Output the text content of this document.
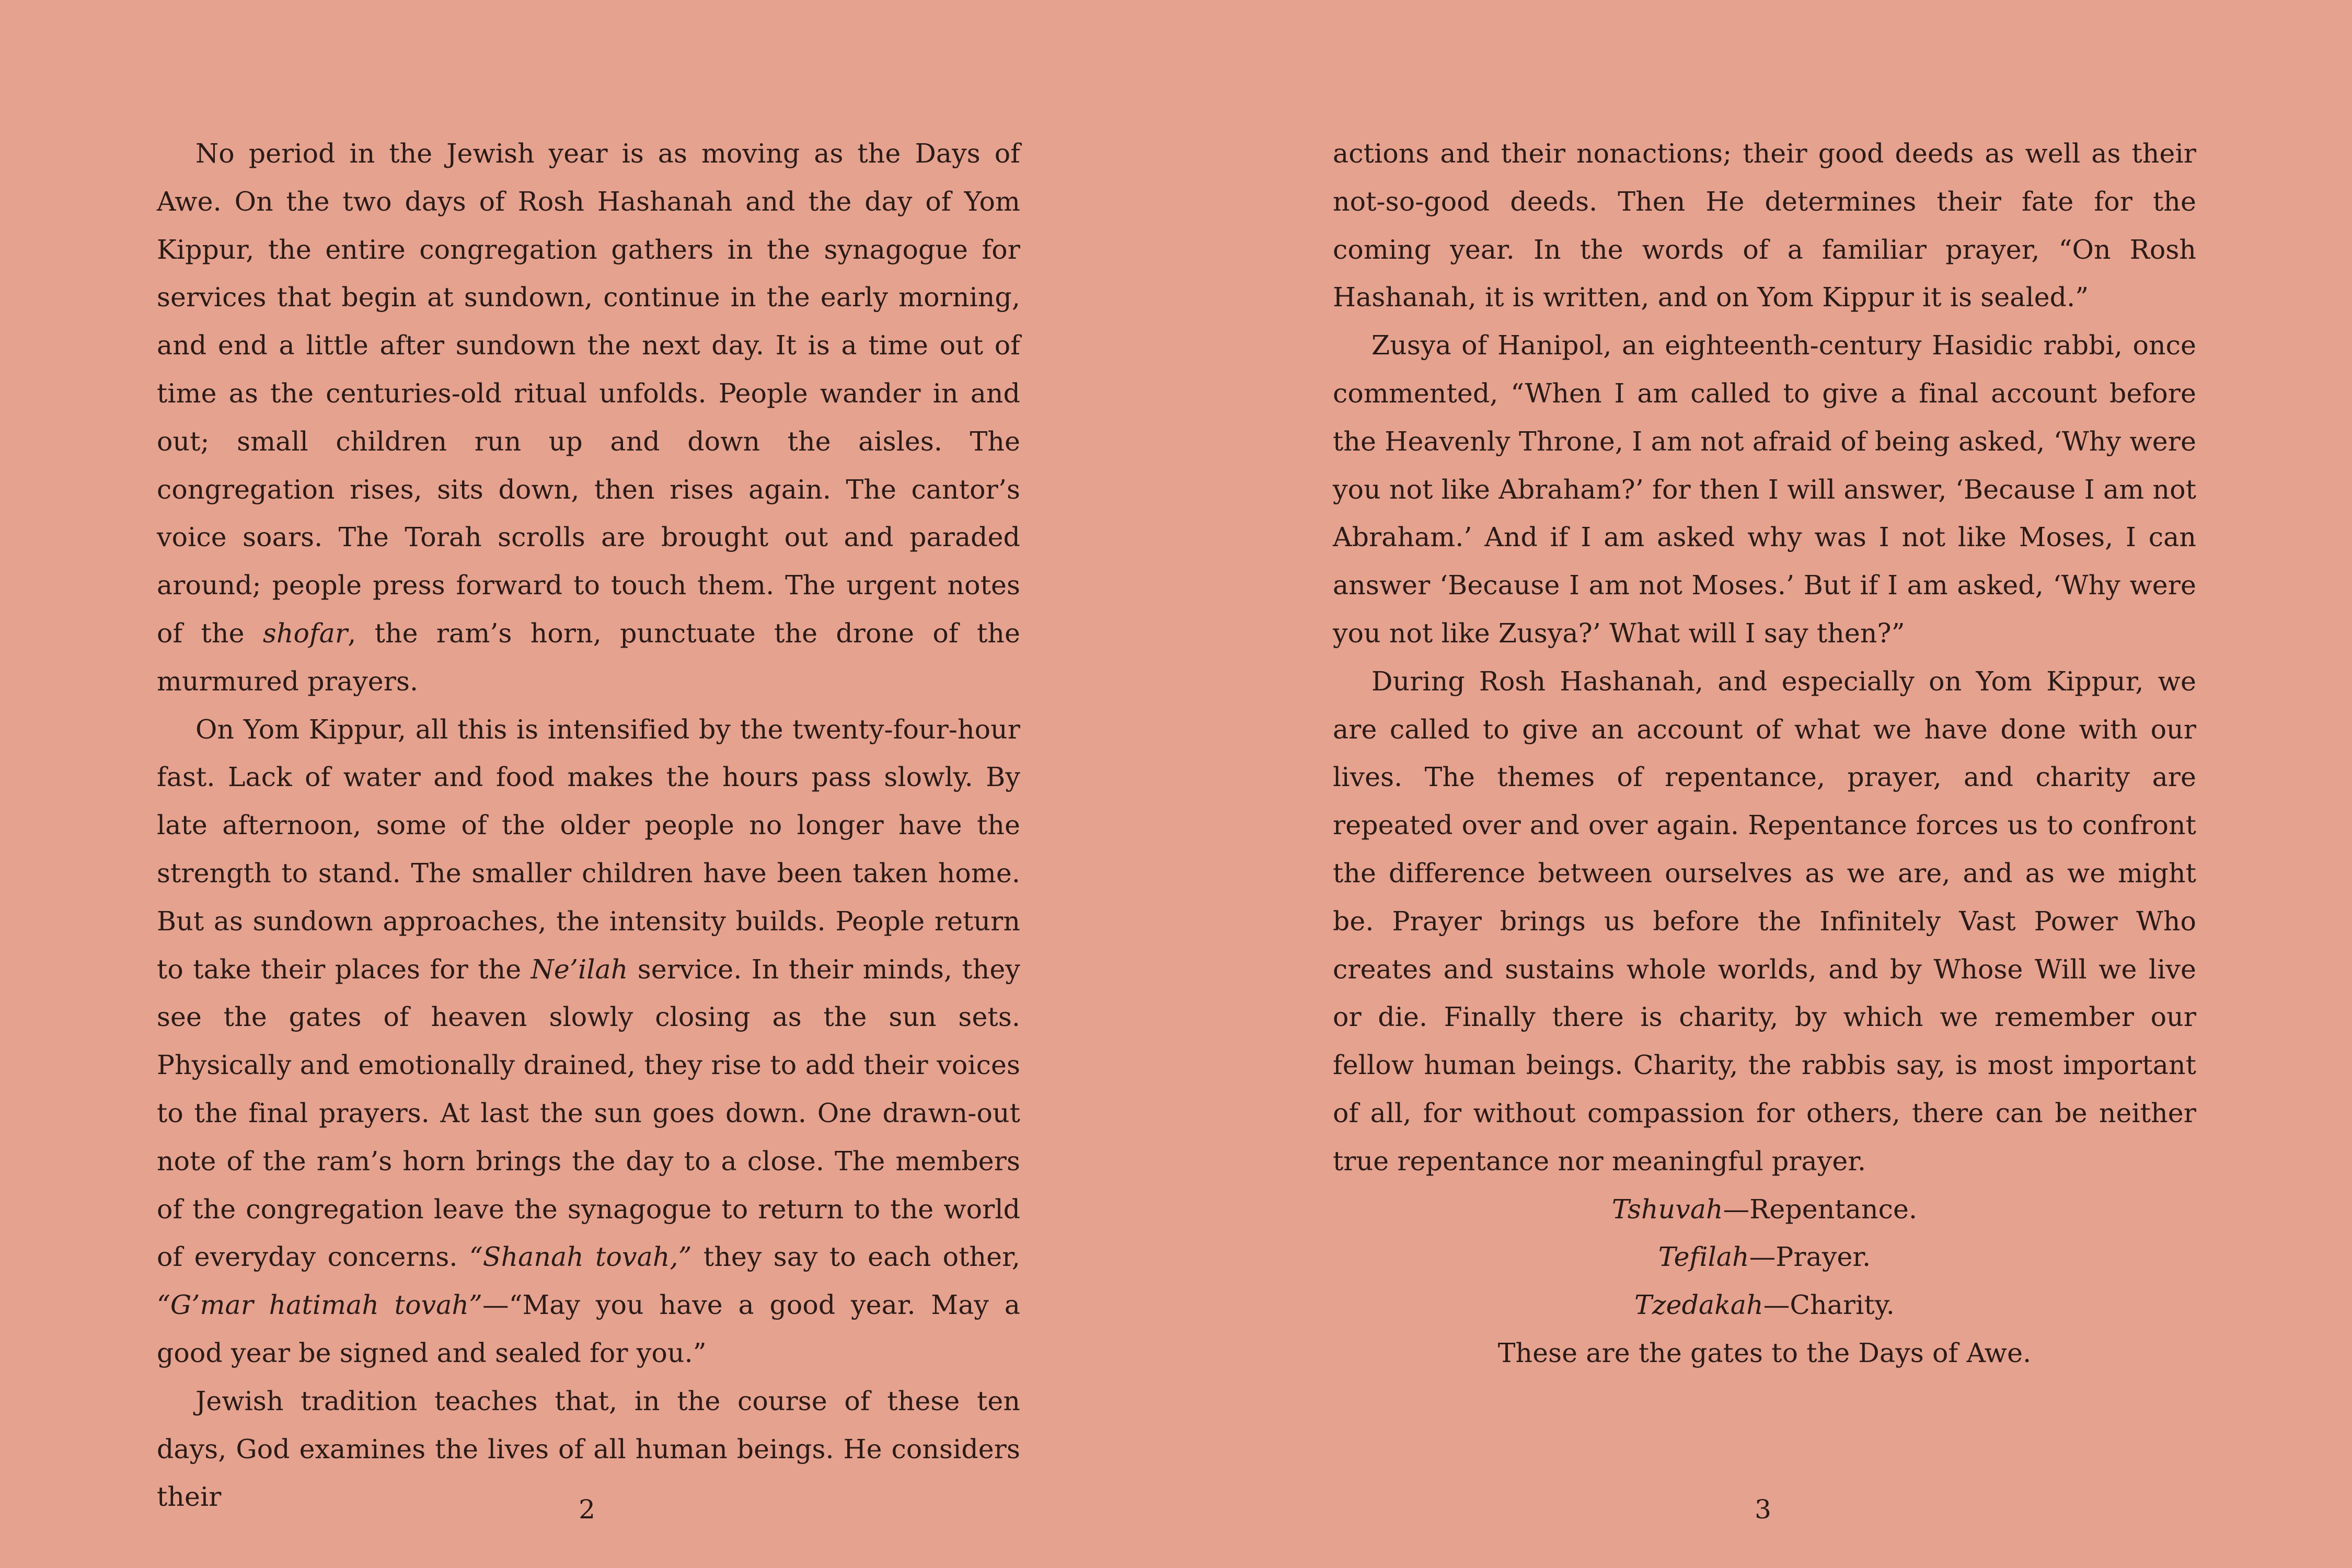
No period in the Jewish year is as moving as the Days of Awe. On the two days of Rosh Hashanah and the day of Yom Kippur, the entire congregation gathers in the synagogue for services that begin at sundown, continue in the early morning, and end a little after sundown the next day. It is a time out of time as the centuries-old ritual unfolds. People wander in and out; small children run up and down the aisles. The congregation rises, sits down, then rises again. The cantor’s voice soars. The Torah scrolls are brought out and paraded around; people press forward to touch them. The urgent notes of the shofar, the ram’s horn, punctuate the drone of the murmured prayers.

On Yom Kippur, all this is intensified by the twenty-four-hour fast. Lack of water and food makes the hours pass slowly. By late afternoon, some of the older people no longer have the strength to stand. The smaller children have been taken home. But as sundown approaches, the intensity builds. People return to take their places for the Ne’ilah service. In their minds, they see the gates of heaven slowly closing as the sun sets. Physically and emotionally drained, they rise to add their voices to the final prayers. At last the sun goes down. One drawn-out note of the ram’s horn brings the day to a close. The members of the congregation leave the synagogue to return to the world of everyday concerns. “Shanah tovah,” they say to each other, “G’mar hatimah tovah”—“May you have a good year. May a good year be signed and sealed for you.”

Jewish tradition teaches that, in the course of these ten days, God examines the lives of all human beings. He considers their	2

actions and their nonactions; their good deeds as well as their not-so-good deeds. Then He determines their fate for the coming year. In the words of a familiar prayer, “On Rosh Hashanah, it is written, and on Yom Kippur it is sealed.”

Zusya of Hanipol, an eighteenth-century Hasidic rabbi, once commented, “When I am called to give a final account before the Heavenly Throne, I am not afraid of being asked, ‘Why were you not like Abraham?’ for then I will answer, ‘Because I am not Abraham.’ And if I am asked why was I not like Moses, I can answer ‘Because I am not Moses.’ But if I am asked, ‘Why were you not like Zusya?’ What will I say then?”

During Rosh Hashanah, and especially on Yom Kippur, we are called to give an account of what we have done with our lives. The themes of repentance, prayer, and charity are repeated over and over again. Repentance forces us to confront the difference between ourselves as we are, and as we might be. Prayer brings us before the Infinitely Vast Power Who creates and sustains whole worlds, and by Whose Will we live or die. Finally there is charity, by which we remember our fellow human beings. Charity, the rabbis say, is most important of all, for without compassion for others, there can be neither true repentance nor meaningful prayer.

Tshuvah—Repentance.
Tefilah—Prayer.
Tzedakah—Charity.
These are the gates to the Days of Awe.
3
